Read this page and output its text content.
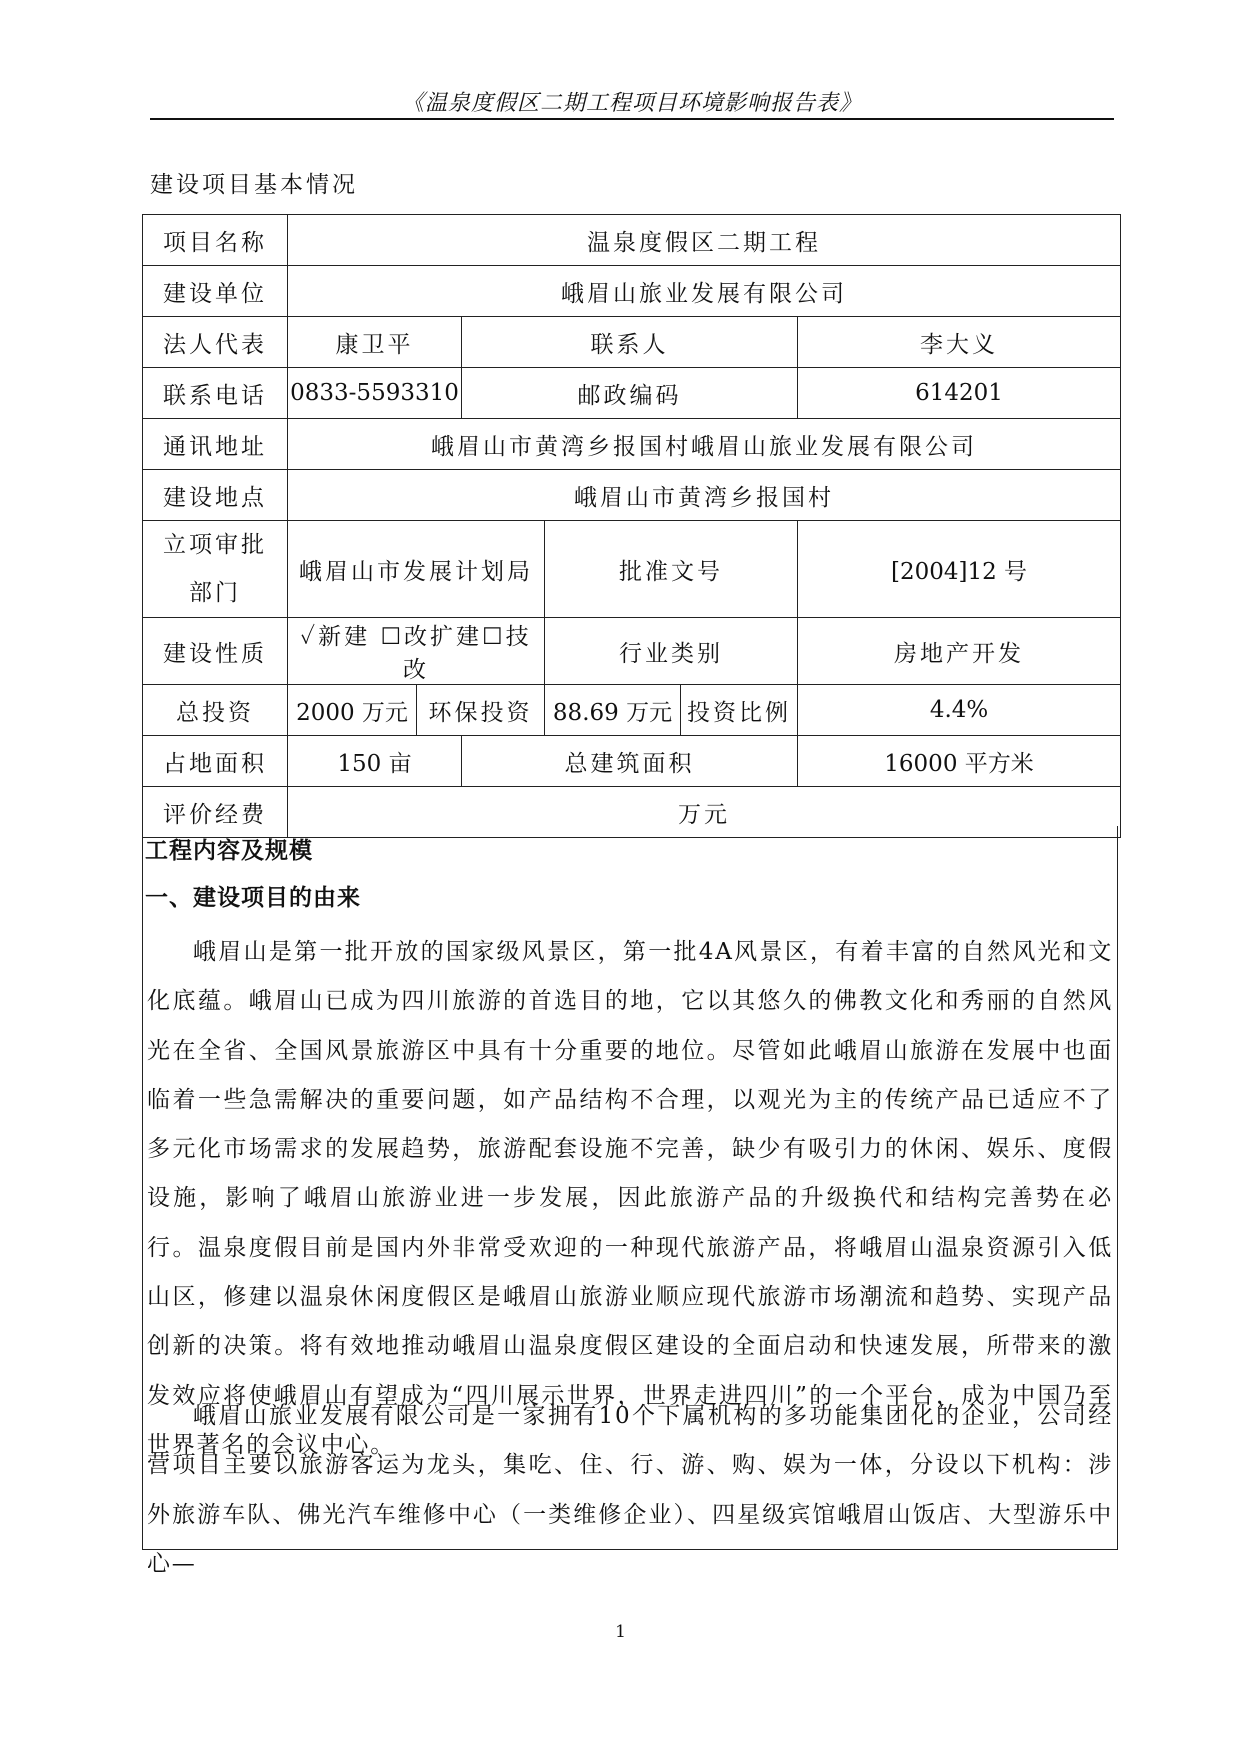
《温泉度假区二期工程项目环境影响报告表》
建设项目基本情况
项目名称	温泉度假区二期工程					
建设单位	峨眉山旅业发展有限公司					
法人代表	康卫平		联系人			李大义
联系电话	0833-5593310		邮政编码			614201
通讯地址	峨眉山市黄湾乡报国村峨眉山旅业发展有限公司					
建设地点	峨眉山市黄湾乡报国村					

立项审批
部门	峨眉山市发展计划局			批准文号		[2004]12 号
建设性质	✓新建 ☐改扩建☐技改			行业类别		房地产开发
总投资	2000 万元	环保投资		88.69 万元	投资比例	4.4%
占地面积	150 亩		总建筑面积			16000 平方米
评价经费	万元					
工程内容及规模
一、建设项目的由来

峨眉山是第一批开放的国家级风景区，第一批4A风景区，有着丰富的自然风光和文化底蕴。峨眉山已成为四川旅游的首选目的地，它以其悠久的佛教文化和秀丽的自然风光在全省、全国风景旅游区中具有十分重要的地位。尽管如此峨眉山旅游在发展中也面临着一些急需解决的重要问题，如产品结构不合理，以观光为主的传统产品已适应不了多元化市场需求的发展趋势，旅游配套设施不完善，缺少有吸引力的休闲、娱乐、度假设施，影响了峨眉山旅游业进一步发展，因此旅游产品的升级换代和结构完善势在必行。温泉度假目前是国内外非常受欢迎的一种现代旅游产品，将峨眉山温泉资源引入低山区，修建以温泉休闲度假区是峨眉山旅游业顺应现代旅游市场潮流和趋势、实现产品创新的决策。将有效地推动峨眉山温泉度假区建设的全面启动和快速发展，所带来的激发效应将使峨眉山有望成为“四川展示世界，世界走进四川”的一个平台，成为中国乃至世界著名的会议中心。

峨眉山旅业发展有限公司是一家拥有10个下属机构的多功能集团化的企业，公司经营项目主要以旅游客运为龙头，集吃、住、行、游、购、娱为一体，分设以下机构：涉外旅游车队、佛光汽车维修中心（一类维修企业）、四星级宾馆峨眉山饭店、大型游乐中心—

1
